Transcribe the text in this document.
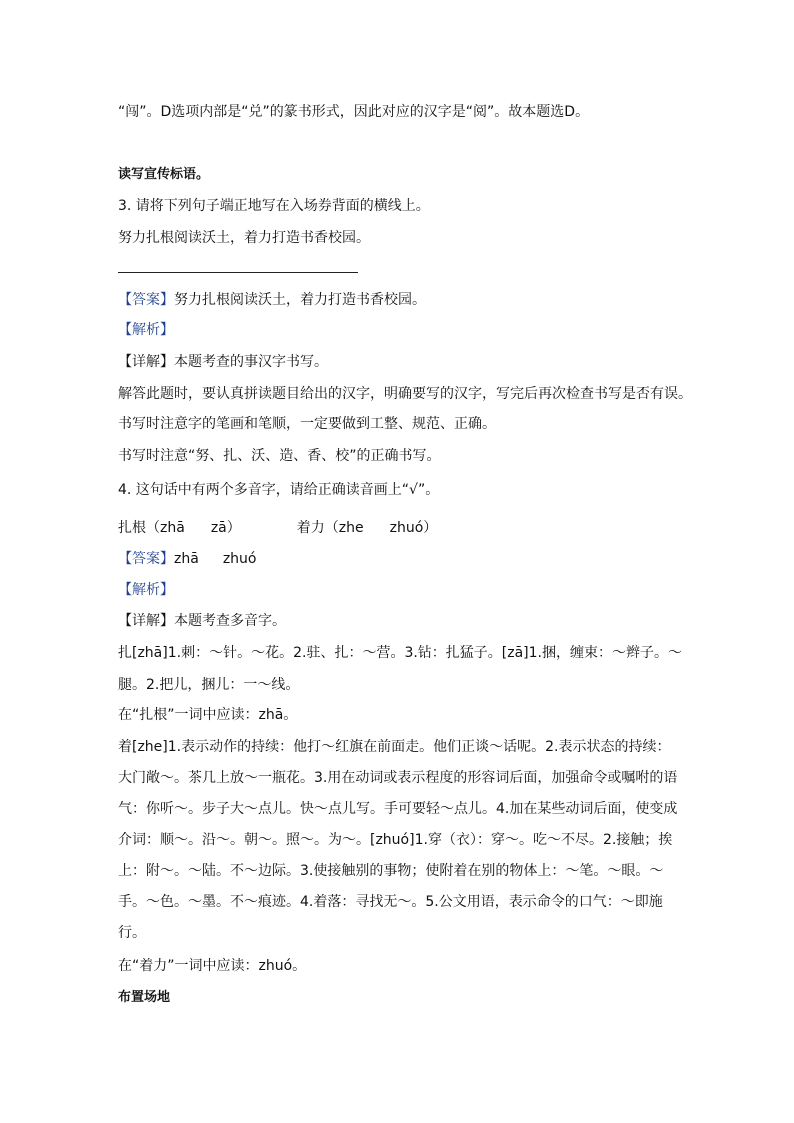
“闯”。D选项内部是“兑”的篆书形式，因此对应的汉字是“阅”。故本题选D。
读写宣传标语。
3. 请将下列句子端正地写在入场券背面的横线上。
努力扎根阅读沃土，着力打造书香校园。
【答案】努力扎根阅读沃土，着力打造书香校园。
【解析】
【详解】本题考查的事汉字书写。
解答此题时，要认真拼读题目给出的汉字，明确要写的汉字，写完后再次检查书写是否有误。
书写时注意字的笔画和笔顺，一定要做到工整、规范、正确。
书写时注意“努、扎、沃、造、香、校”的正确书写。
4. 这句话中有两个多音字，请给正确读音画上“√”。
扎根（zhā zā）	着力（zhe zhuó）
【答案】zhā zhuó
【解析】
【详解】本题考查多音字。
扎[zhā]1.刺：～针。～花。2.驻、扎：～营。3.钻：扎猛子。[zā]1.捆，缠束：～辫子。～
腿。2.把儿，捆儿：一～线。
在“扎根”一词中应读：zhā。
着[zhe]1.表示动作的持续：他打～红旗在前面走。他们正谈～话呢。2.表示状态的持续：
大门敞～。茶几上放～一瓶花。3.用在动词或表示程度的形容词后面，加强命令或嘱咐的语
气：你听～。步子大～点儿。快～点儿写。手可要轻～点儿。4.加在某些动词后面，使变成
介词：顺～。沿～。朝～。照～。为～。[zhuó]1.穿（衣）：穿～。吃～不尽。2.接触；挨
上：附～。～陆。不～边际。3.使接触别的事物；使附着在别的物体上：～笔。～眼。～
手。～色。～墨。不～痕迹。4.着落：寻找无～。5.公文用语，表示命令的口气：～即施
行。
在“着力”一词中应读：zhuó。
布置场地
